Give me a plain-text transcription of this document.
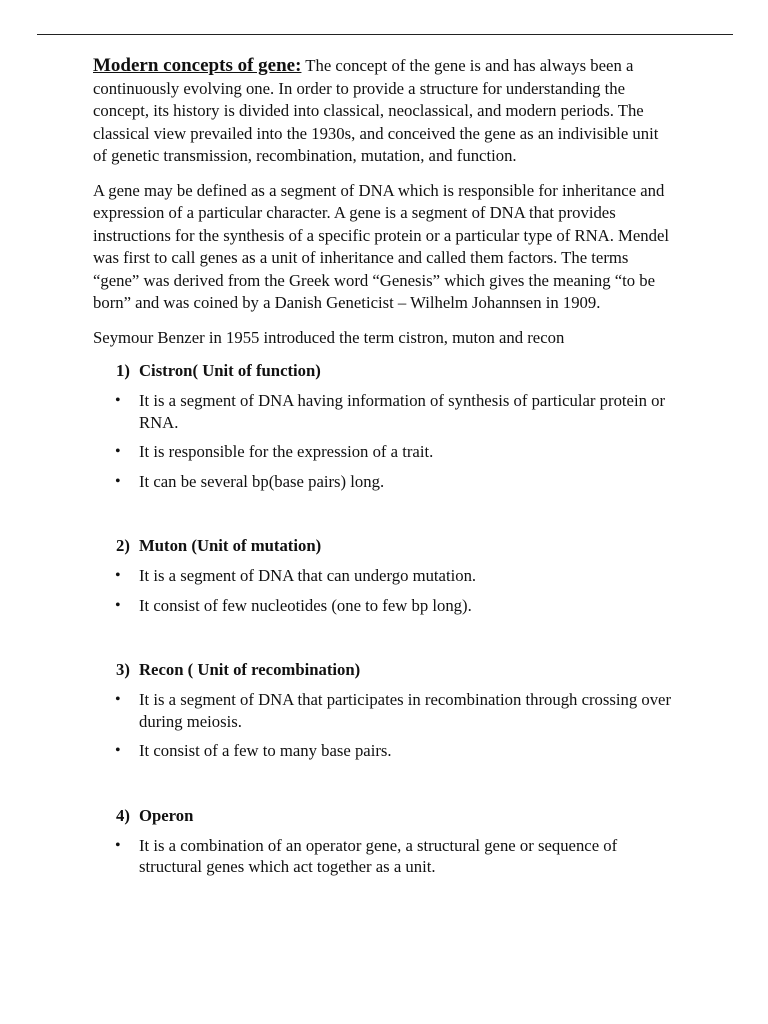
Modern concepts of gene: The concept of the gene is and has always been a continuously evolving one. In order to provide a structure for understanding the concept, its history is divided into classical, neoclassical, and modern periods. The classical view prevailed into the 1930s, and conceived the gene as an indivisible unit of genetic transmission, recombination, mutation, and function.

A gene may be defined as a segment of DNA which is responsible for inheritance and expression of a particular character. A gene is a segment of DNA that provides instructions for the synthesis of a specific protein or a particular type of RNA. Mendel was first to call genes as a unit of inheritance and called them factors. The terms “gene” was derived from the Greek word “Genesis” which gives the meaning “to be born” and was coined by a Danish Geneticist – Wilhelm Johannsen in 1909.

Seymour Benzer in 1955 introduced the term cistron, muton and recon

1) Cistron( Unit of function)
• It is a segment of DNA having information of synthesis of particular protein or RNA.
• It is responsible for the expression of a trait.
• It can be several bp(base pairs) long.
2) Muton (Unit of mutation)
• It is a segment of DNA that can undergo mutation.
• It consist of few nucleotides (one to few bp long).
3) Recon ( Unit of recombination)
• It is a segment of DNA that participates in recombination through crossing over during meiosis.
• It consist of a few to many base pairs.
4) Operon
• It is a combination of an operator gene, a structural gene or sequence of structural genes which act together as a unit.
